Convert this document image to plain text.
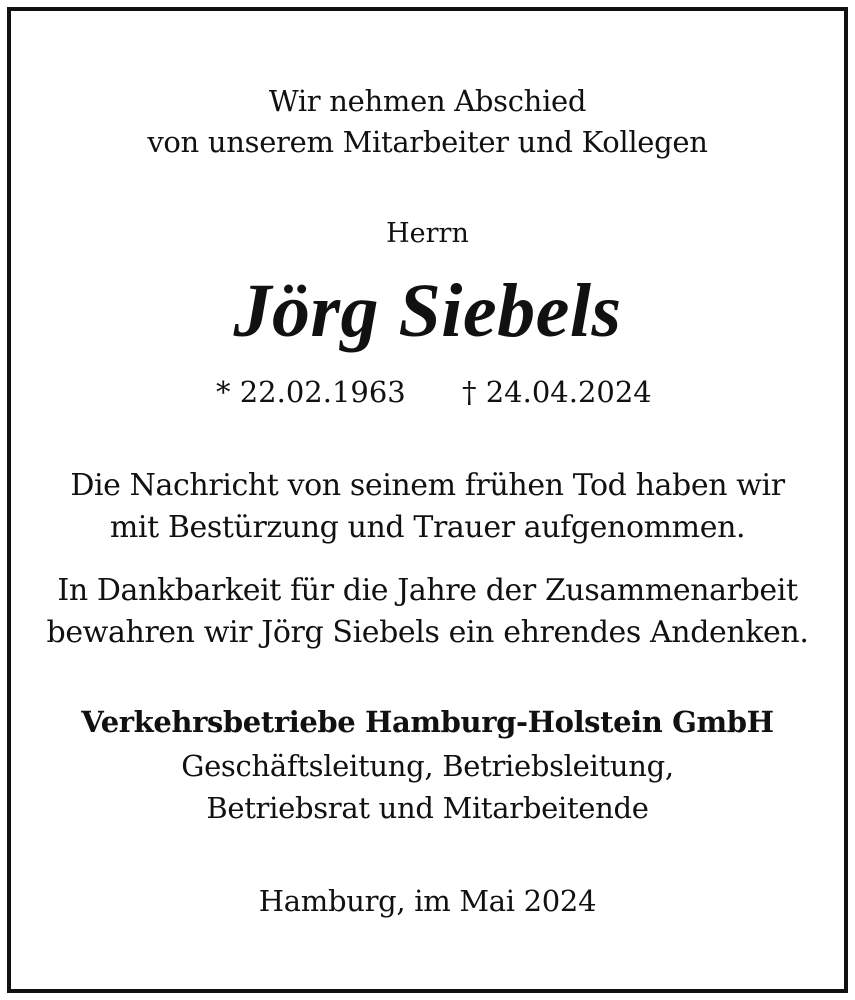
Wir nehmen Abschied
von unserem Mitarbeiter und Kollegen
Herrn
Jörg Siebels
* 22.02.1963 † 24.04.2024
Die Nachricht von seinem frühen Tod haben wir
mit Bestürzung und Trauer aufgenommen.
In Dankbarkeit für die Jahre der Zusammenarbeit
bewahren wir Jörg Siebels ein ehrendes Andenken.
Verkehrsbetriebe Hamburg-Holstein GmbH
Geschäftsleitung, Betriebsleitung,
Betriebsrat und Mitarbeitende
Hamburg, im Mai 2024
